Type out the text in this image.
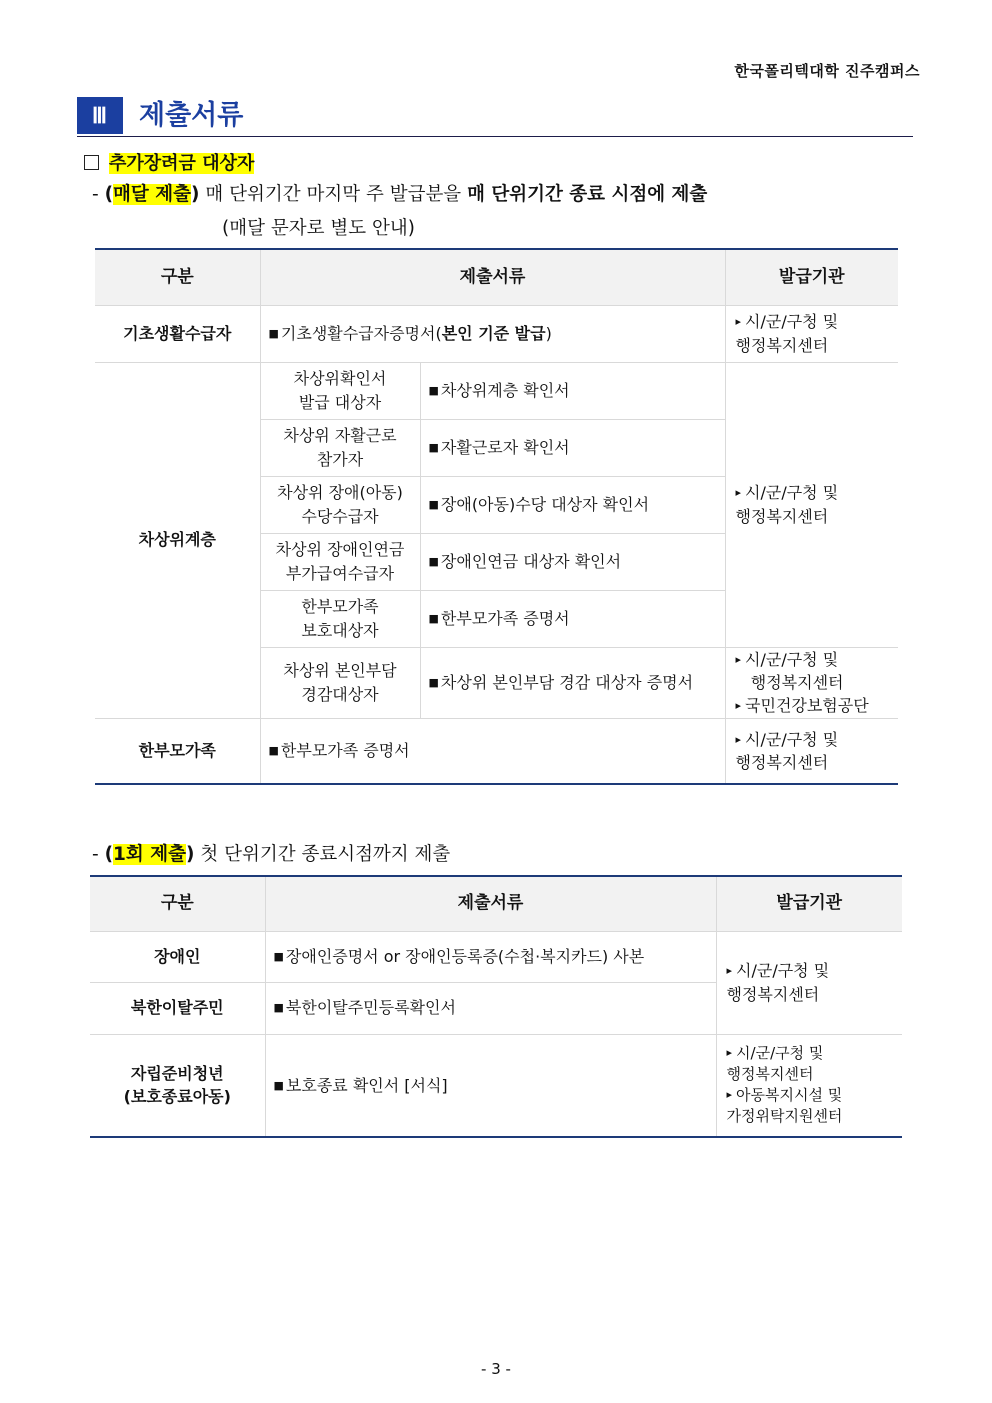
한국폴리텍대학 진주캠퍼스
Ⅲ	제출서류
추가장려금 대상자
- (매달 제출) 매 단위기간 마지막 주 발급분을 매 단위기간 종료 시점에 제출
(매달 문자로 별도 안내)
구분	제출서류		발급기관
기초생활수급자	■ 기초생활수급자증명서(본인 기준 발급)		▸ 시/군/구청 및
행정복지센터
차상위계층	차상위확인서
발급 대상자	■ 차상위계층 확인서	▸ 시/군/구청 및
행정복지센터
	차상위 자활근로
참가자	■ 자활근로자 확인서	
	차상위 장애(아동)
수당수급자	■ 장애(아동)수당 대상자 확인서	
	차상위 장애인연금
부가급여수급자	■ 장애인연금 대상자 확인서	
	한부모가족
보호대상자	■ 한부모가족 증명서	
	차상위 본인부담
경감대상자	■ 차상위 본인부담 경감 대상자 증명서	▸ 시/군/구청 및
행정복지센터
▸ 국민건강보험공단
한부모가족	■ 한부모가족 증명서		▸ 시/군/구청 및
행정복지센터
- (1회 제출) 첫 단위기간 종료시점까지 제출
구분	제출서류	발급기관
장애인	■ 장애인증명서 or 장애인등록증(수첩·복지카드) 사본	▸ 시/군/구청 및
행정복지센터
북한이탈주민	■ 북한이탈주민등록확인서	
자립준비청년
(보호종료아동)	■ 보호종료 확인서 [서식]	▸ 시/군/구청 및
행정복지센터
▸ 아동복지시설 및
가정위탁지원센터
- 3 -
